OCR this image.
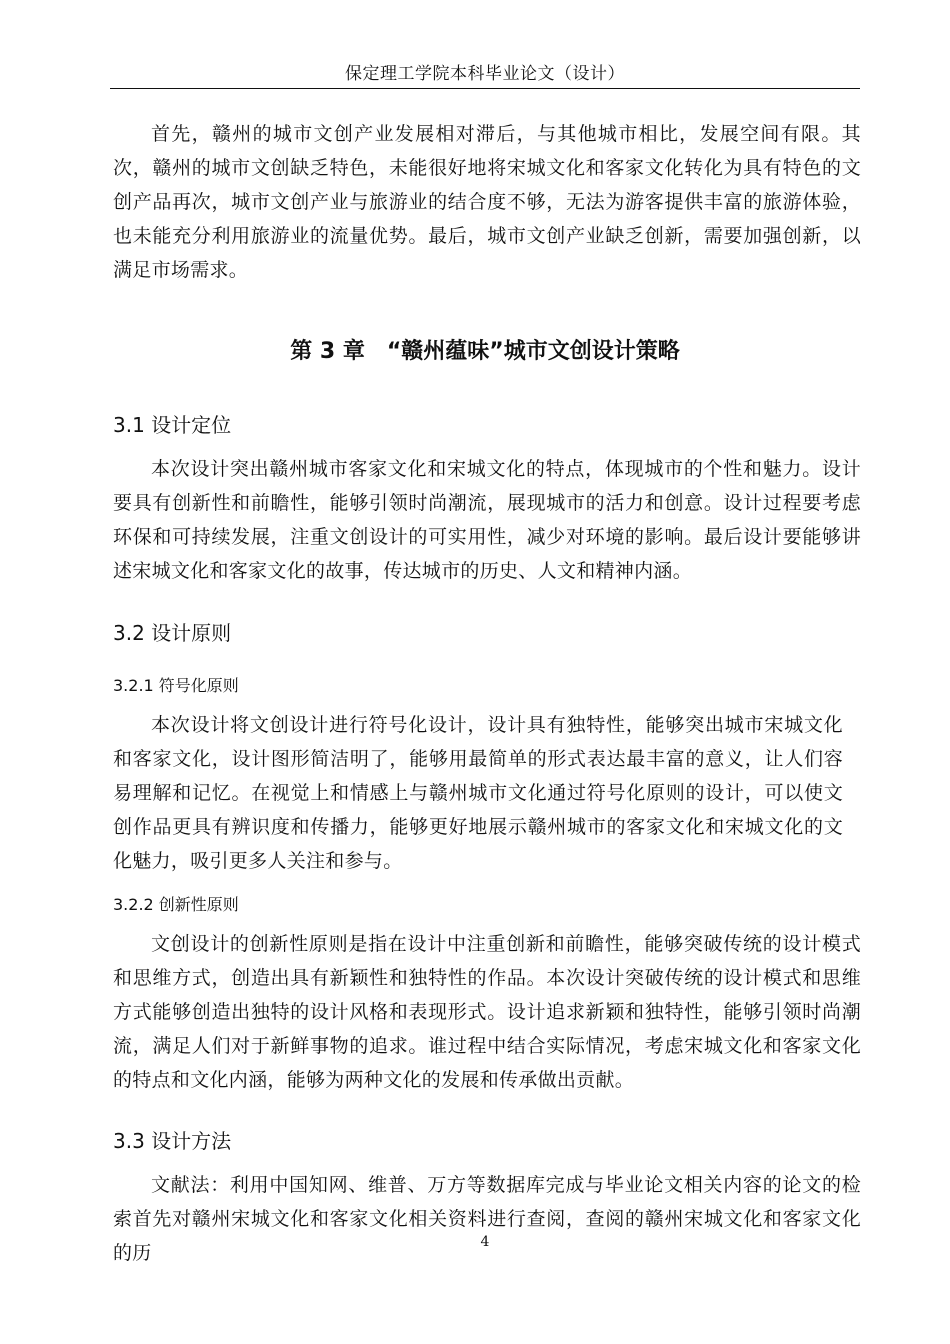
保定理工学院本科毕业论文（设计）

首先，赣州的城市文创产业发展相对滞后，与其他城市相比，发展空间有限。其次，赣州的城市文创缺乏特色，未能很好地将宋城文化和客家文化转化为具有特色的文创产品再次，城市文创产业与旅游业的结合度不够，无法为游客提供丰富的旅游体验，也未能充分利用旅游业的流量优势。最后，城市文创产业缺乏创新，需要加强创新，以满足市场需求。

第 3 章　“赣州蕴味”城市文创设计策略
3.1 设计定位

本次设计突出赣州城市客家文化和宋城文化的特点，体现城市的个性和魅力。设计要具有创新性和前瞻性，能够引领时尚潮流，展现城市的活力和创意。设计过程要考虑环保和可持续发展，注重文创设计的可实用性，减少对环境的影响。最后设计要能够讲述宋城文化和客家文化的故事，传达城市的历史、人文和精神内涵。

3.2 设计原则
3.2.1 符号化原则

本次设计将文创设计进行符号化设计，设计具有独特性，能够突出城市宋城文化和客家文化，设计图形简洁明了，能够用最简单的形式表达最丰富的意义，让人们容易理解和记忆。在视觉上和情感上与赣州城市文化通过符号化原则的设计，可以使文创作品更具有辨识度和传播力，能够更好地展示赣州城市的客家文化和宋城文化的文化魅力，吸引更多人关注和参与。

3.2.2 创新性原则

文创设计的创新性原则是指在设计中注重创新和前瞻性，能够突破传统的设计模式和思维方式，创造出具有新颖性和独特性的作品。本次设计突破传统的设计模式和思维方式能够创造出独特的设计风格和表现形式。设计追求新颖和独特性，能够引领时尚潮流，满足人们对于新鲜事物的追求。谁过程中结合实际情况，考虑宋城文化和客家文化的特点和文化内涵，能够为两种文化的发展和传承做出贡献。

3.3 设计方法

文献法：利用中国知网、维普、万方等数据库完成与毕业论文相关内容的论文的检索首先对赣州宋城文化和客家文化相关资料进行查阅，查阅的赣州宋城文化和客家文化的历	4
